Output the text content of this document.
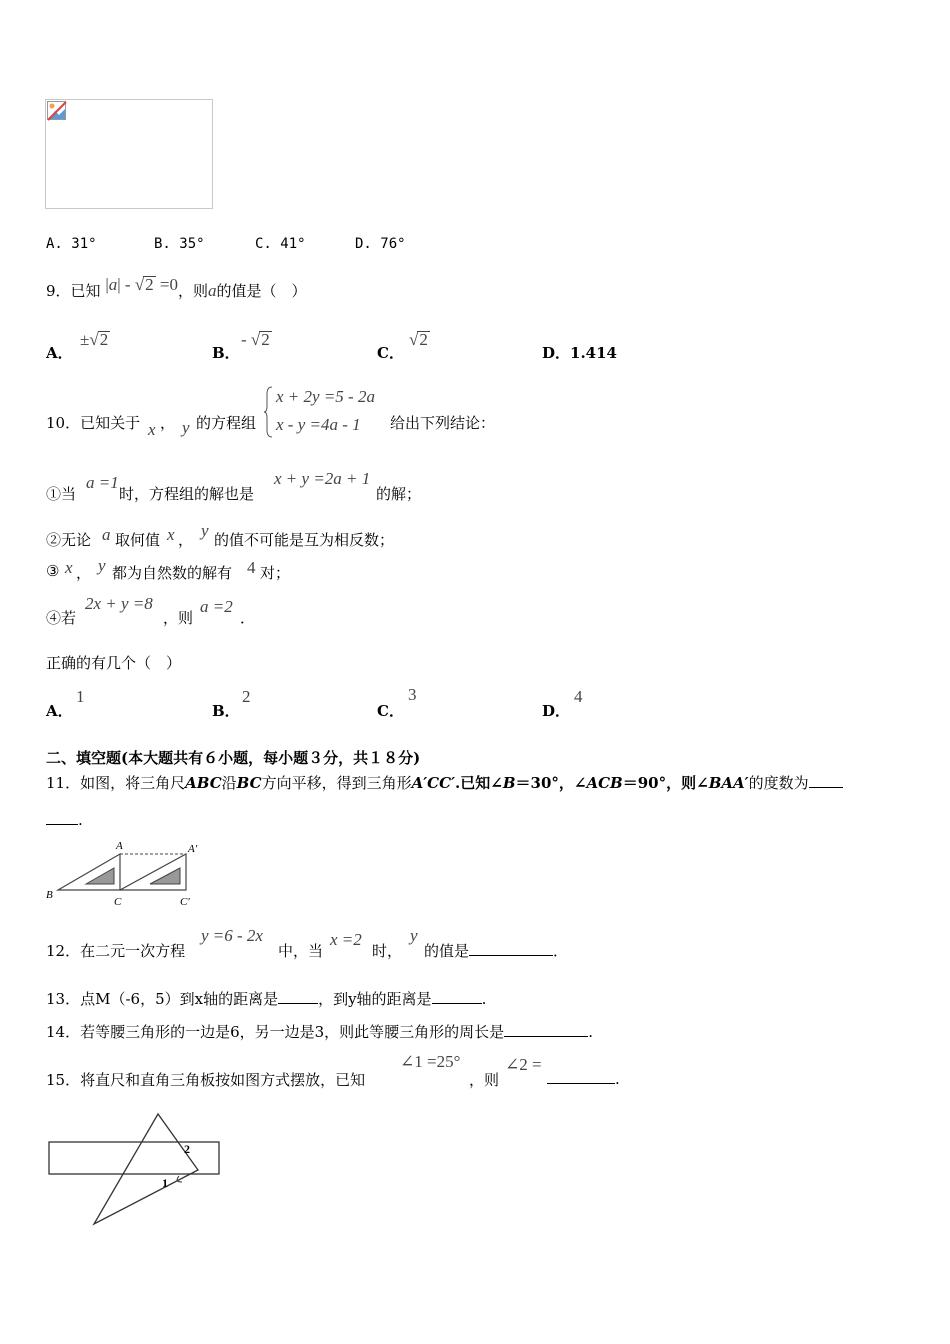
A. 31°	B. 35°	C. 41°	D. 76°
9．已知 |a| - √2 =0，则a的值是（　）
A．
±√2
B．
- √2
C．
√2
D．1.414
10．已知关于 x ， y 的方程组
x + 2y =5 - 2a
x - y =4a - 1 给出下列结论：
①当
a =1
时，方程组的解也是
x + y =2a + 1
的解；
②无论 a 取何值 x ， y 的值不可能是互为相反数；
③ x ， y 都为自然数的解有 4 对；
④若
2x + y =8
，则
a =2
．
正确的有几个（　）
A．
1
B．
2
C．
3
D．
4
二、填空题(本大题共有６小题，每小题３分，共１８分)
11．如图，将三角尺ABC沿BC方向平移，得到三角形A′CC′.已知∠B＝30°，∠ACB＝90°，则∠BAA′的度数为
.
A	A′
B
C	C′
12．在二元一次方程
y =6 - 2x
中，当
x =2
时，
y
的值是	．
13．点M（-6，5）到x轴的距离是	，到y轴的距离是	.
14．若等腰三角形的一边是6，另一边是3，则此等腰三角形的周长是	.
15．将直尺和直角三角板按如图方式摆放，已知
∠1 =25°
，则
∠2 =
.
2
1
